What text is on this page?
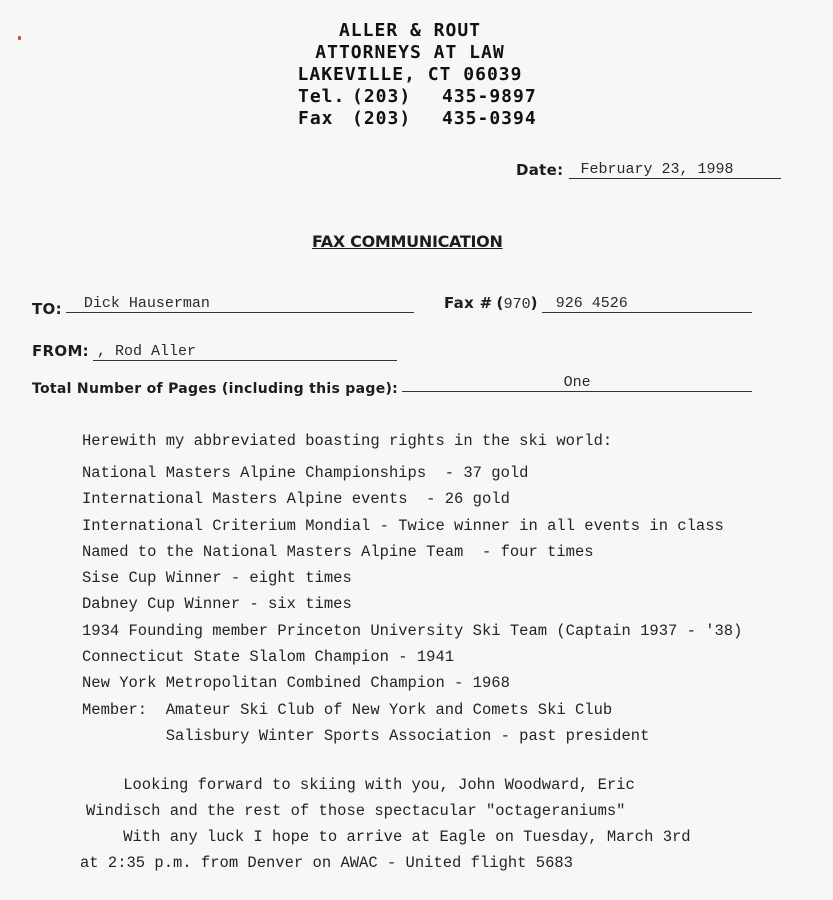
ALLER & ROUT
ATTORNEYS AT LAW
LAKEVILLE, CT 06039
Tel. (203) 435-9897
Fax (203) 435-0394
Date: February 23, 1998
FAX COMMUNICATION
TO: Dick Hauserman	Fax # (970) 926 4526
FROM: , Rod Aller
Total Number of Pages (including this page):	One
Herewith my abbreviated boasting rights in the ski world:
National Masters Alpine Championships  - 37 gold
International Masters Alpine events  - 26 gold
International Criterium Mondial - Twice winner in all events in class
Named to the National Masters Alpine Team  - four times
Sise Cup Winner - eight times
Dabney Cup Winner - six times
1934 Founding member Princeton University Ski Team (Captain 1937 - '38)
Connecticut State Slalom Champion - 1941
New York Metropolitan Combined Champion - 1968
Member:  Amateur Ski Club of New York and Comets Ski Club
Salisbury Winter Sports Association - past president
Looking forward to skiing with you, John Woodward, Eric
Windisch and the rest of those spectacular "octageraniums"
With any luck I hope to arrive at Eagle on Tuesday, March 3rd
at 2:35 p.m. from Denver on AWAC - United flight 5683
